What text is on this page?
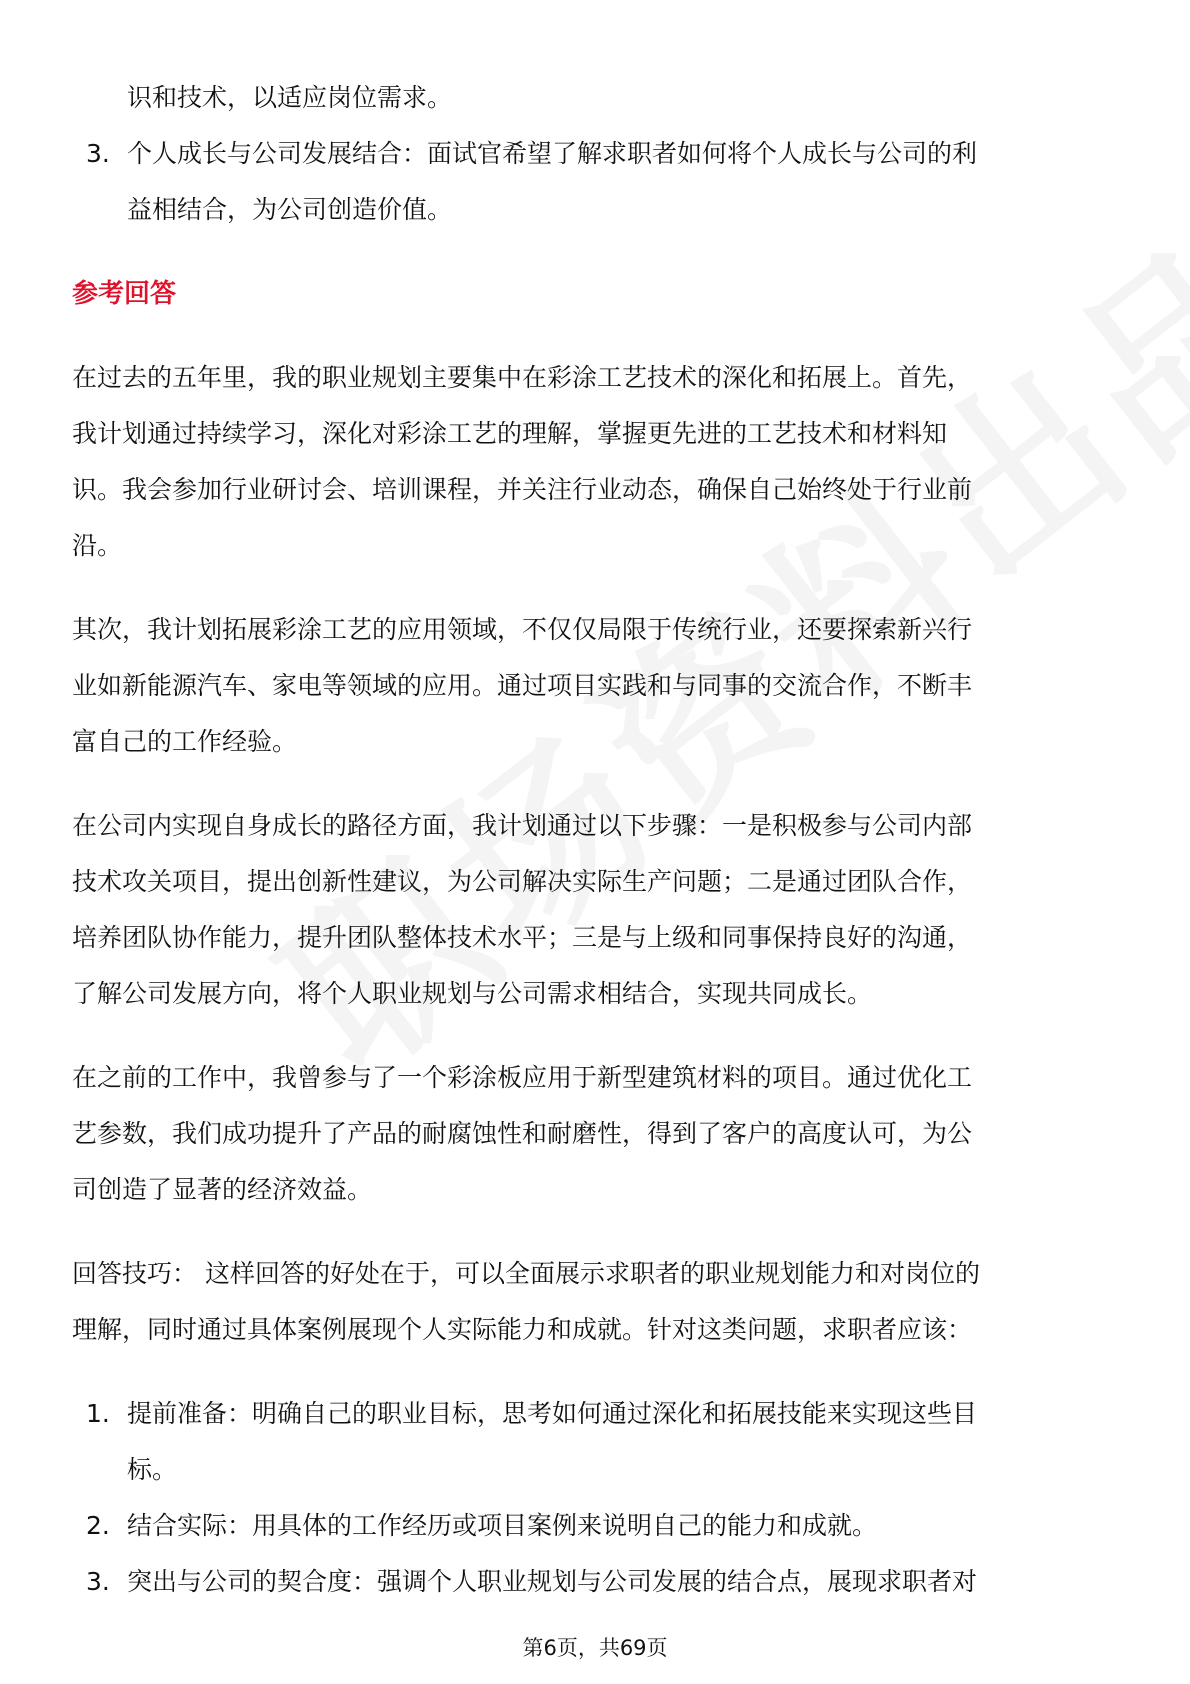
识和技术，以适应岗位需求。
3. 个人成长与公司发展结合：面试官希望了解求职者如何将个人成长与公司的利
益相结合，为公司创造价值。
参考回答
在过去的五年里，我的职业规划主要集中在彩涂工艺技术的深化和拓展上。首先，
我计划通过持续学习，深化对彩涂工艺的理解，掌握更先进的工艺技术和材料知
识。我会参加行业研讨会、培训课程，并关注行业动态，确保自己始终处于行业前
沿。
其次，我计划拓展彩涂工艺的应用领域，不仅仅局限于传统行业，还要探索新兴行
业如新能源汽车、家电等领域的应用。通过项目实践和与同事的交流合作，不断丰
富自己的工作经验。
在公司内实现自身成长的路径方面，我计划通过以下步骤：一是积极参与公司内部
技术攻关项目，提出创新性建议，为公司解决实际生产问题；二是通过团队合作，
培养团队协作能力，提升团队整体技术水平；三是与上级和同事保持良好的沟通，
了解公司发展方向，将个人职业规划与公司需求相结合，实现共同成长。
在之前的工作中，我曾参与了一个彩涂板应用于新型建筑材料的项目。通过优化工
艺参数，我们成功提升了产品的耐腐蚀性和耐磨性，得到了客户的高度认可，为公
司创造了显著的经济效益。
回答技巧： 这样回答的好处在于，可以全面展示求职者的职业规划能力和对岗位的
理解，同时通过具体案例展现个人实际能力和成就。针对这类问题，求职者应该：
1. 提前准备：明确自己的职业目标，思考如何通过深化和拓展技能来实现这些目
标。
2. 结合实际：用具体的工作经历或项目案例来说明自己的能力和成就。
3. 突出与公司的契合度：强调个人职业规划与公司发展的结合点，展现求职者对
第6页，共69页
